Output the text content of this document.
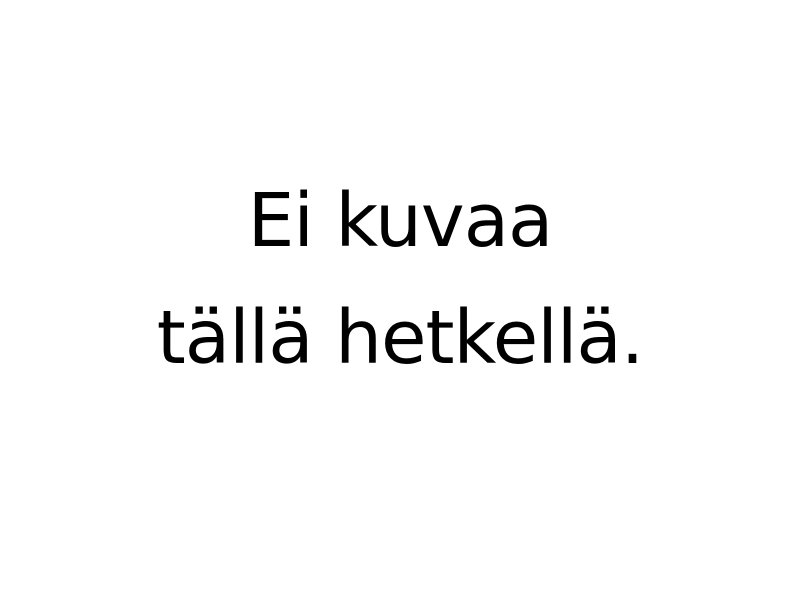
Ei kuvaa
tällä hetkellä.
